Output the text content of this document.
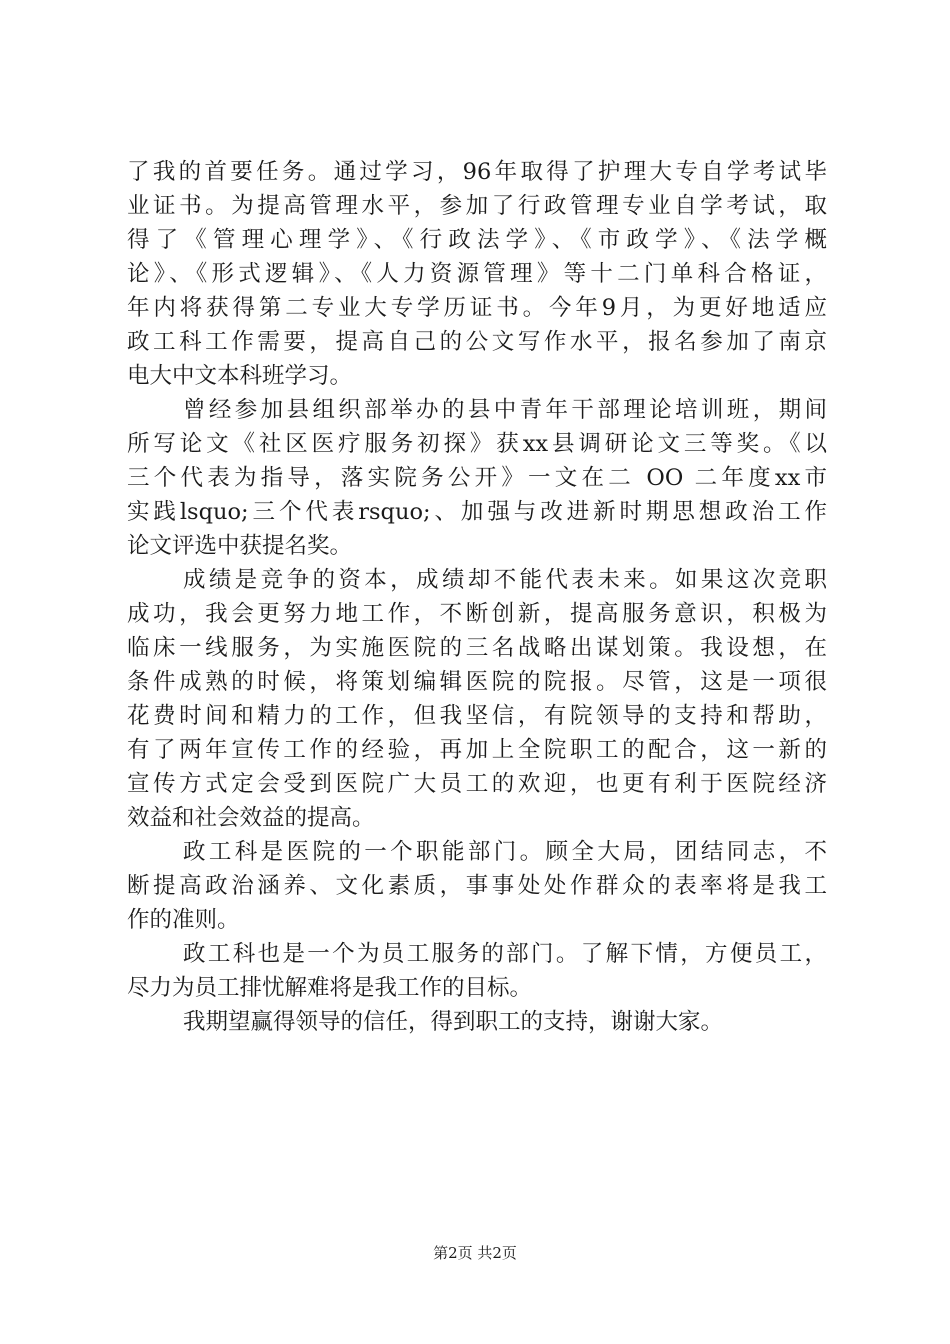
了我的首要任务。通过学习，96年取得了护理大专自学考试毕
业证书。为提高管理水平，参加了行政管理专业自学考试，取
得了《管理心理学》、《行政法学》、《市政学》、《法学概
论》、《形式逻辑》、《人力资源管理》等十二门单科合格证，
年内将获得第二专业大专学历证书。今年9月，为更好地适应
政工科工作需要，提高自己的公文写作水平，报名参加了南京
电大中文本科班学习。
曾经参加县组织部举办的县中青年干部理论培训班，期间
所写论文《社区医疗服务初探》获xx县调研论文三等奖。《以
三个代表为指导，落实院务公开》一文在二 OO 二年度xx市
实践lsquo;三个代表rsquo;、加强与改进新时期思想政治工作
论文评选中获提名奖。
成绩是竞争的资本，成绩却不能代表未来。如果这次竞职
成功，我会更努力地工作，不断创新，提高服务意识，积极为
临床一线服务，为实施医院的三名战略出谋划策。我设想，在
条件成熟的时候，将策划编辑医院的院报。尽管，这是一项很
花费时间和精力的工作，但我坚信，有院领导的支持和帮助，
有了两年宣传工作的经验，再加上全院职工的配合，这一新的
宣传方式定会受到医院广大员工的欢迎，也更有利于医院经济
效益和社会效益的提高。
政工科是医院的一个职能部门。顾全大局，团结同志，不
断提高政治涵养、文化素质，事事处处作群众的表率将是我工
作的准则。
政工科也是一个为员工服务的部门。了解下情，方便员工，
尽力为员工排忧解难将是我工作的目标。
我期望赢得领导的信任，得到职工的支持，谢谢大家。
第2页 共2页
